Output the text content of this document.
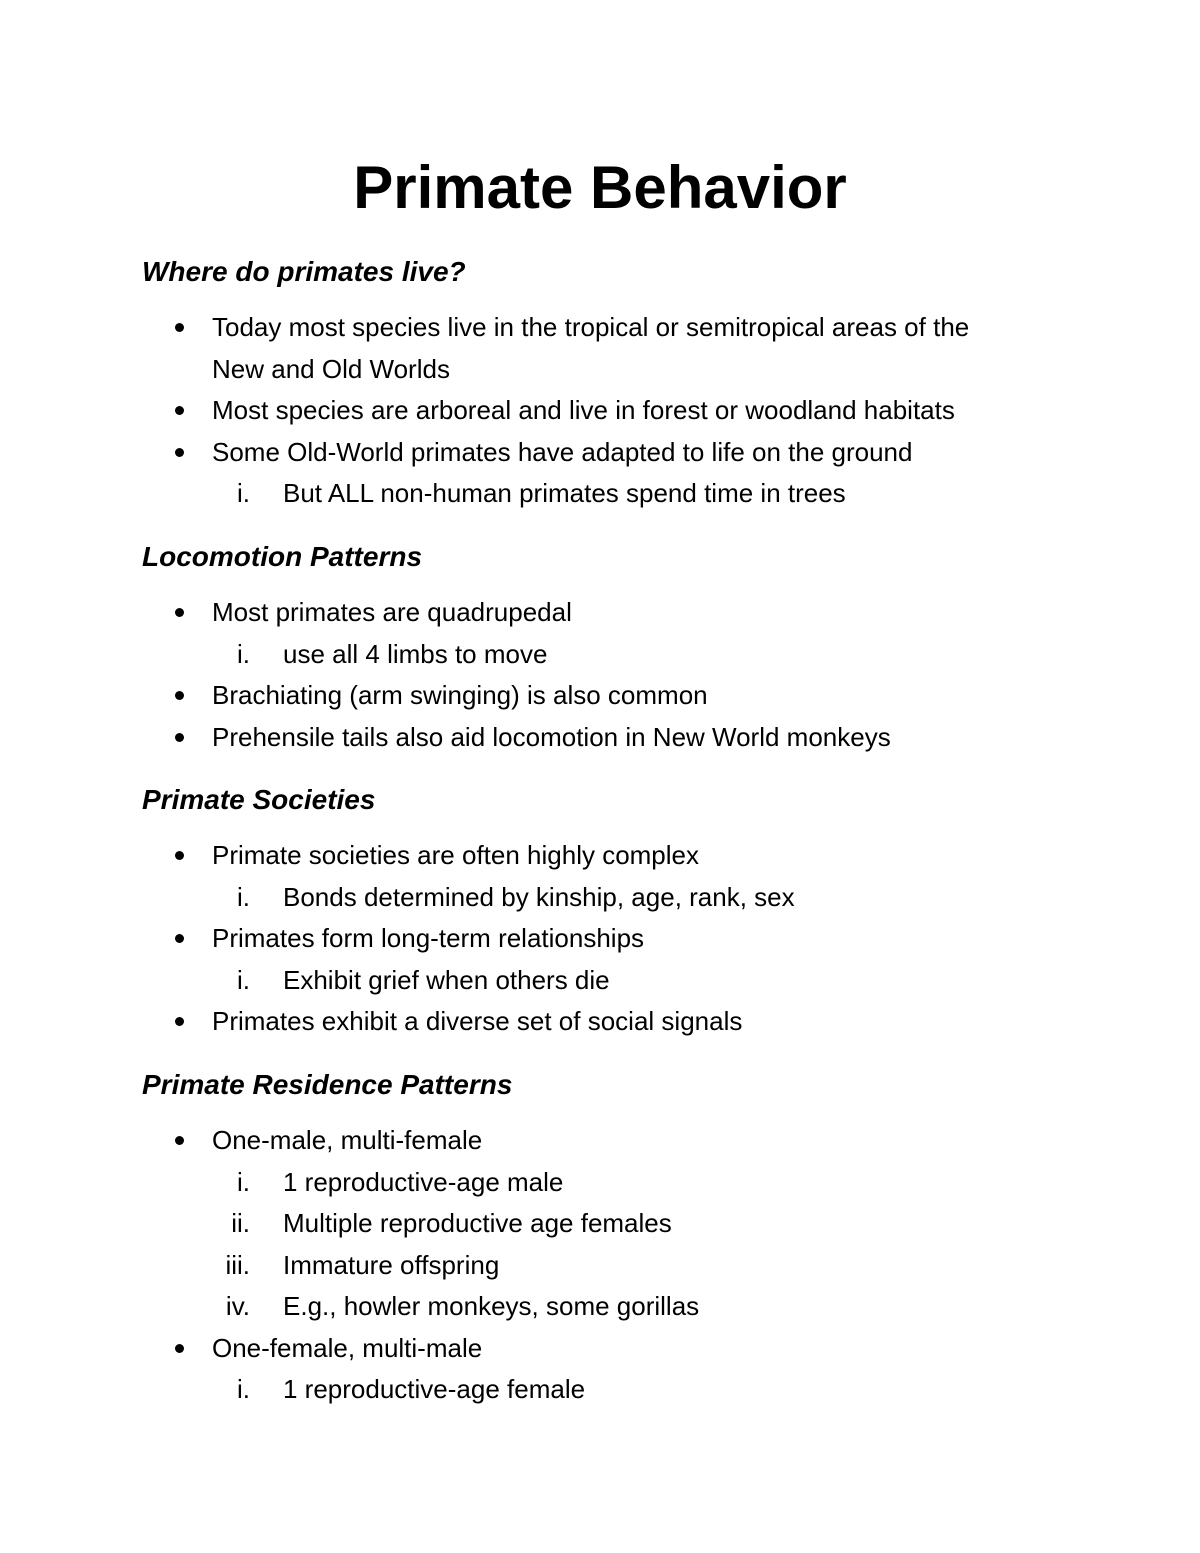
Primate Behavior
Where do primates live?
Today most species live in the tropical or semitropical areas of the
New and Old Worlds
Most species are arboreal and live in forest or woodland habitats
Some Old-World primates have adapted to life on the ground
i. But ALL non-human primates spend time in trees
Locomotion Patterns
Most primates are quadrupedal
i. use all 4 limbs to move
Brachiating (arm swinging) is also common
Prehensile tails also aid locomotion in New World monkeys
Primate Societies
Primate societies are often highly complex
i. Bonds determined by kinship, age, rank, sex
Primates form long-term relationships
i. Exhibit grief when others die
Primates exhibit a diverse set of social signals
Primate Residence Patterns
One-male, multi-female
i. 1 reproductive-age male
ii. Multiple reproductive age females
iii. Immature offspring
iv. E.g., howler monkeys, some gorillas
One-female, multi-male
i. 1 reproductive-age female
